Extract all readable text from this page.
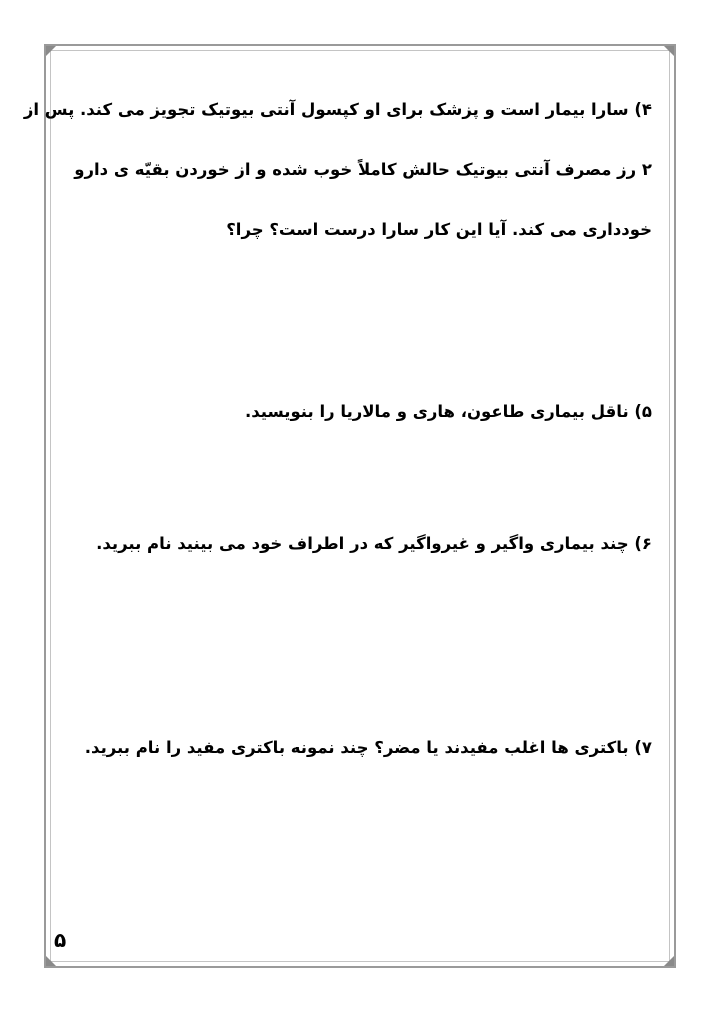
۴) سارا بیمار است و پزشک برای او کپسول آنتی بیوتیک تجویز می کند. پس از
۲ رز مصرف آنتی بیوتیک حالش کاملاً خوب شده و از خوردن بقیّه ی دارو
خودداری می کند. آیا این کار سارا درست است؟ چرا؟
۵) ناقل بیماری طاعون، هاری و مالاریا را بنویسید.
۶) چند بیماری واگیر و غیرواگیر که در اطراف خود می بینید نام ببرید.
۷) باکتری ها اغلب مفیدند یا مضر؟ چند نمونه باکتری مفید را نام ببرید.
۵
